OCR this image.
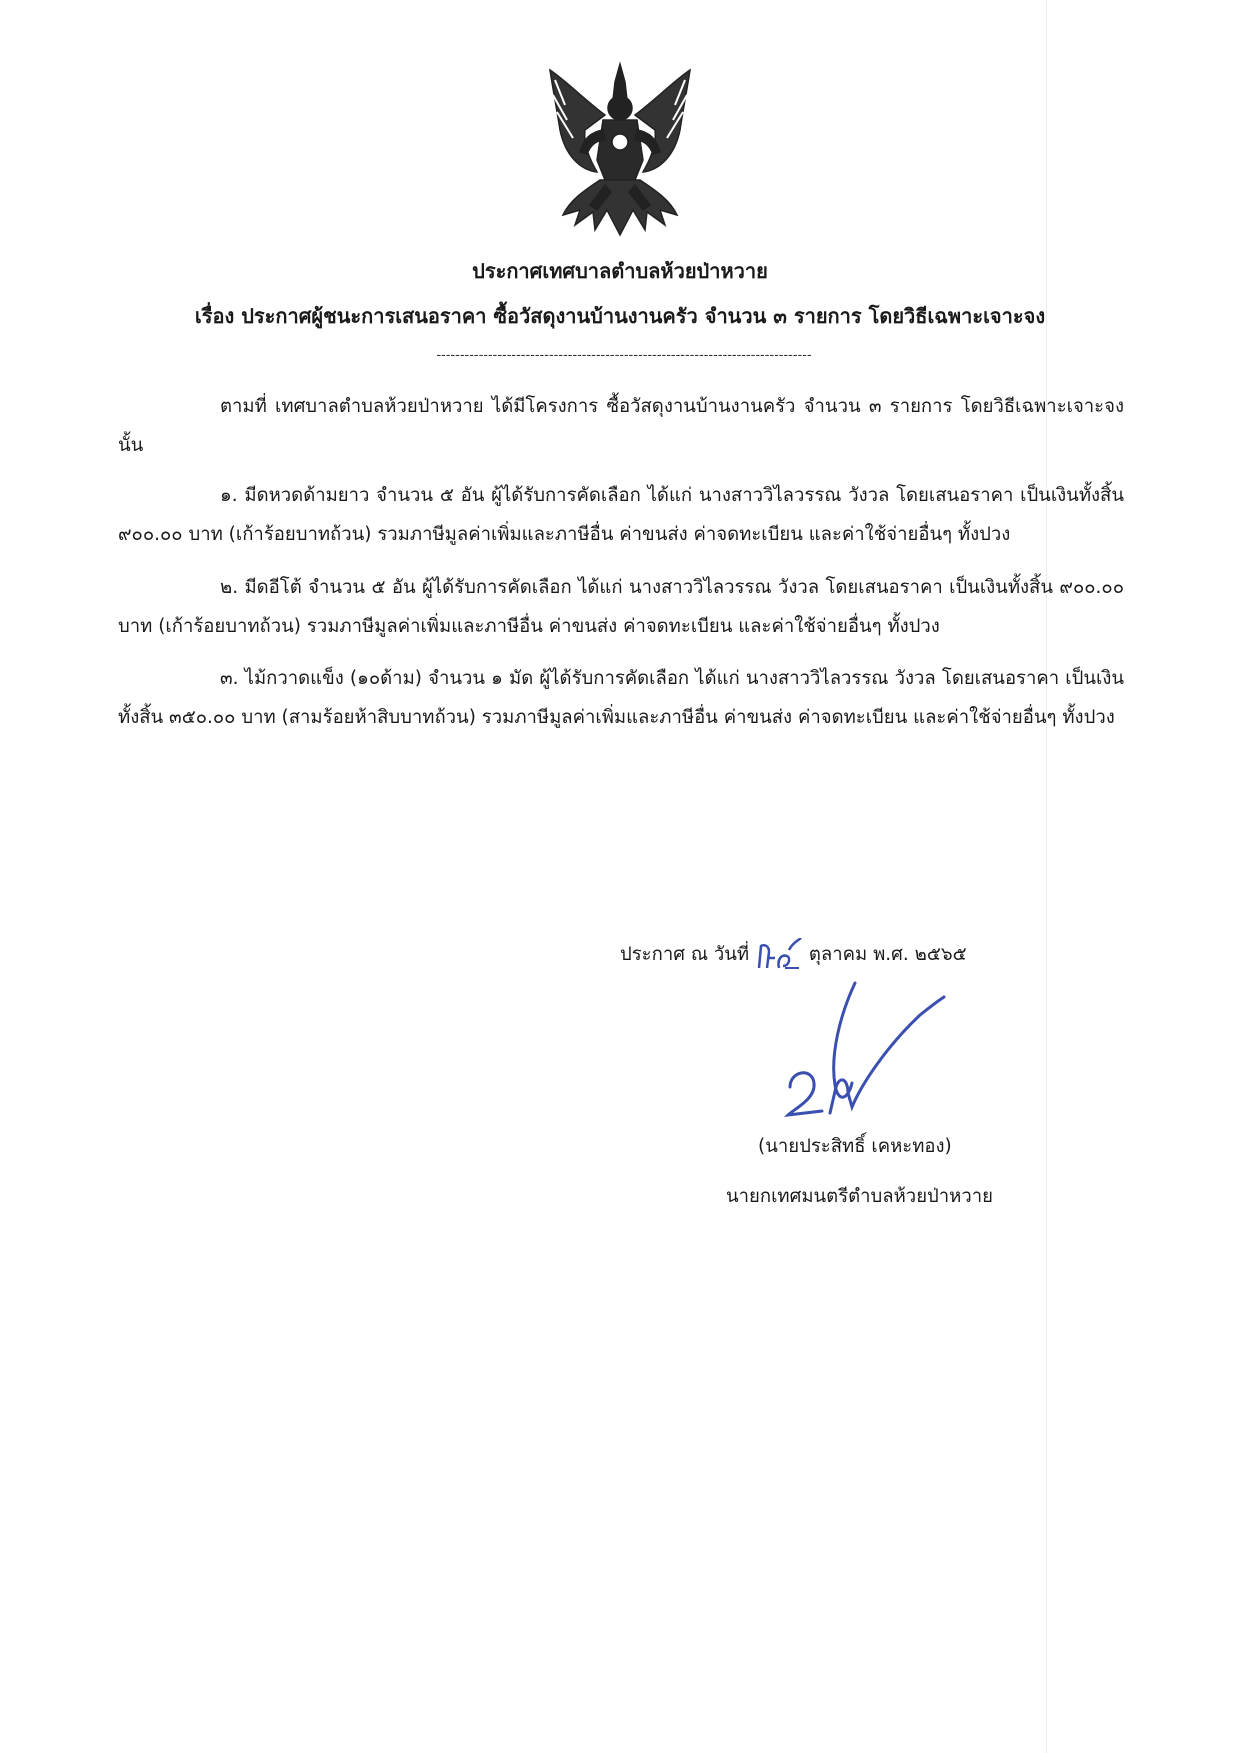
ประกาศเทศบาลตำบลห้วยป่าหวาย
เรื่อง ประกาศผู้ชนะการเสนอราคา ซื้อวัสดุงานบ้านงานครัว จำนวน ๓ รายการ โดยวิธีเฉพาะเจาะจง
--------------------------------------------------------------------------------

ตามที่ เทศบาลตำบลห้วยป่าหวาย ได้มีโครงการ ซื้อวัสดุงานบ้านงานครัว จำนวน ๓ รายการ โดยวิธีเฉพาะเจาะจง นั้น

๑. มีดหวดด้ามยาว จำนวน ๕ อัน ผู้ได้รับการคัดเลือก ได้แก่ นางสาววิไลวรรณ วังวล โดยเสนอราคา เป็นเงินทั้งสิ้น ๙๐๐.๐๐ บาท (เก้าร้อยบาทถ้วน) รวมภาษีมูลค่าเพิ่มและภาษีอื่น ค่าขนส่ง ค่าจดทะเบียน และค่าใช้จ่ายอื่นๆ ทั้งปวง

๒. มีดอีโต้ จำนวน ๕ อัน ผู้ได้รับการคัดเลือก ได้แก่ นางสาววิไลวรรณ วังวล โดยเสนอราคา เป็นเงินทั้งสิ้น ๙๐๐.๐๐ บาท (เก้าร้อยบาทถ้วน) รวมภาษีมูลค่าเพิ่มและภาษีอื่น ค่าขนส่ง ค่าจดทะเบียน และค่าใช้จ่ายอื่นๆ ทั้งปวง

๓. ไม้กวาดแข็ง (๑๐ด้าม) จำนวน ๑ มัด ผู้ได้รับการคัดเลือก ได้แก่ นางสาววิไลวรรณ วังวล โดยเสนอราคา เป็นเงินทั้งสิ้น ๓๕๐.๐๐ บาท (สามร้อยห้าสิบบาทถ้วน) รวมภาษีมูลค่าเพิ่มและภาษีอื่น ค่าขนส่ง ค่าจดทะเบียน และค่าใช้จ่ายอื่นๆ ทั้งปวง

ประกาศ ณ วันที่	ตุลาคม พ.ศ. ๒๕๖๕
(นายประสิทธิ์ เคหะทอง)
นายกเทศมนตรีตำบลห้วยป่าหวาย
